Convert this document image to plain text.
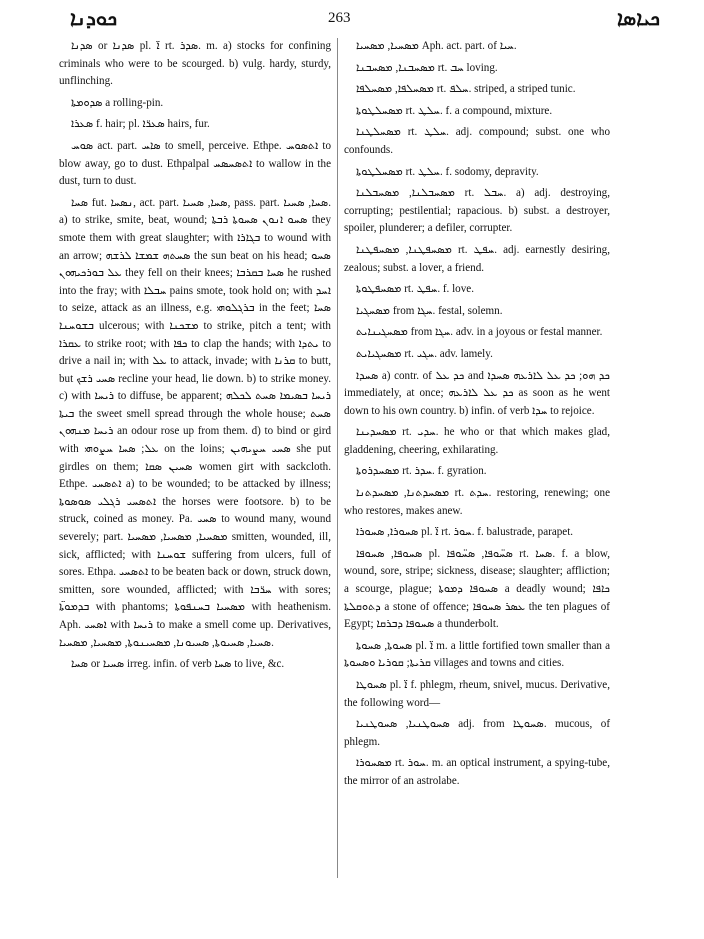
ܟܘܕܢܐ	263	ܟܝܐܣܐ

ܣܕܢܐ or ܣܕܢܐ pl. ܐ̈ rt. ܣܕܪ. m. a) stocks for confining criminals who were to be scourged. b) vulg. hardy, sturdy, unflinching.

ܣܕܘܡܬܐ a rolling-pin.

ܣܥܪܐ f. hair; pl. ܣܥܪ̈ܐ hairs, fur.

ܣܘܚ act. part. ܣܐܚ to smell, perceive. Ethpe. ܐܬܣܘܚ to blow away, go to dust. Ethpalpal ܐܬܣܚܣܚ to wallow in the dust, turn to dust.

ܣܚܐ fut. ܢܣܚܐ, act. part. ܣܚܐ, ܣܚܝܐ, pass. part. ܣܚܐ, ܣܚܝܐ. a) to strike, smite, beat, wound; ܣܚܘ ܐܢܘܢ ܣܚܘܬܐ ܪܒܬܐ they smote them with great slaughter; with ܒܓܐܪܐ to wound with an arrow; ܣܚܬܗ ܫܡܫܐ ܠܪܫܗ the sun beat on his head; ܣܚܘ ܥܠ ܒܘܪܟܝܗܘܢ they fell on their knees; ܣܚܐ ܒܩܪܒܐ he rushed into the fray; with ܚܒܠܐ pains smote, took hold on; with ܐܚܕ to seize, attack as an illness, e.g. ܒܪܓܠܘܗܝ in the feet; ܣܚܐ ܒܫܘܚܢܐ ulcerous; with ܡܫܟܢܐ to strike, pitch a tent; with ܥܩܪܐ to strike root; with ܟܦܐ to clap the hands; with ܝܬܕܐ to drive a nail in; with ܥܠ to attack, invade; with ܩܪܢܐ to butt, but ܣܚܝ ܪܫܟ recline your head, lie down. b) to strike money. c) with ܪܝܚܐ to diffuse, be apparent; ܪܝܚܐ ܒܣܝܡܐ ܣܚܬ ܠܟܠܗ ܒܝܬܐ the sweet smell spread through the whole house; ܣܚܬ ܪܝܚܐ ܡܢܗܘܢ an odour rose up from them. d) to bind or gird with ܥܠ; ܣܚܐ ܚܨܘܗܝ on the loins; ܣܚܝ ܚܨܝܗܝܢ she put girdles on them; ܣܚܝܢ ܣܩܐ women girt with sackcloth. Ethpe. ܐܬܣܚܝ a) to be wounded; to be attacked by illness; ܐܬܣܚܝ ܪܓܠܝ ܣܘܣܘܬܐ the horses were footsore. b) to be struck, coined as money. Pa. ܣܚܝ to wound many, wound severely; part. ܡܣܚܝܐ, ܡܣܚܝܐ, ܡܣܚܝܐ smitten, wounded, ill, sick, afflicted; with ܫܘܚܢܐ suffering from ulcers, full of sores. Ethpa. ܐܬܣܚܝ to be beaten back or down, struck down, smitten, sore wounded, afflicted; with ܚܪ̈ܒܐ with sores; ܒܕܡܘܬ̈ܐ with phantoms; ܡܣܚܝܐ ܒܚܢܦܘܬܐ with heathenism. Aph. ܐܣܚܝ with ܪܝܚܐ to make a smell come up. Derivatives, ܣܚܝܐ, ܣܚܝܘܬܐ, ܣܚܝܘܢܐ, ܡܣܚܝܢܘܬܐ, ܡܣܚܝܐ, ܡܣܚܝܐ.

ܣܚܐ or ܣܚܝܐ irreg. infin. of verb ܣܚܐ to live, &c.

ܡܣܚܝܐ, ܡܣܚܝܐ Aph. act. part. of ܚܝܐ.

ܡܣܚܒܢܐ, ܡܣܚܒܢܐ rt. ܚܒ loving.

ܡܣܚܠܦܐ, ܡܣܚܠܦܐ rt. ܚܠܦ. striped, a striped tunic.

ܡܣܚܠܛܘܬܐ rt. ܚܠܛ. f. a compound, mixture.

ܡܣܚܠܛܢܐ rt. ܚܠܛ. adj. compound; subst. one who confounds.

ܡܣܚܠܛܘܬܐ rt. ܚܠܛ. f. sodomy, depravity.

ܡܣܚܒܠܢܐ, ܡܣܚܒܠܢܐ rt. ܚܒܠ. a) adj. destroying, corrupting; pestilential; rapacious. b) subst. a destroyer, spoiler, plunderer; a defiler, corrupter.

ܡܣܚܦܛܢܐ, ܡܣܚܦܛܢܐ rt. ܚܦܛ. adj. earnestly desiring, zealous; subst. a lover, a friend.

ܡܣܚܦܛܘܬܐ rt. ܚܦܛ. f. love.

ܡܣܚܓܝܐ from ܚܓܐ. festal, solemn.

ܡܣܚܓܝܢܐܝܬ from ܚܓܐ. adv. in a joyous or festal manner.

ܡܣܚܓܝܐܝܬ rt. ܚܓܝ. adv. lamely.

ܣܚܕܐ a) contr. of ܟܕ ܥܠ and ܟܕ ܗܘ; ܟܕ ܥܠ ܠܐܪܥܗ ܣܚܕܐ immediately, at once; ܟܕ ܥܠ ܠܐܪܥܗ as soon as he went down to his own country. b) infin. of verb ܚܕܐ to rejoice.

ܡܣܚܕܝܢܐ rt. ܚܕܝ. he who or that which makes glad, gladdening, cheering, exhilarating.

ܡܣܚܕܪܘܬܐ rt. ܚܕܪ. f. gyration.

ܡܣܚܕܬܢܐ, ܡܣܚܕܬܢܐ rt. ܚܕܬ. restoring, renewing; one who restores, makes anew.

ܣܚܘܪܐ, ܣܚܘܪܐ pl. ܐ̈ rt. ܚܘܪ. f. balustrade, parapet.

ܣܚܘܦܐ, ܣܚܘܦܐ pl. ܣܚ̈ܘܦܐ, ܣܚ̈ܘܦܐ rt. ܣܚܐ. f. a blow, wound, sore, stripe; sickness, disease; slaughter; affliction; a scourge, plague; ܣܚܘܦܐ ܕܡܘܬܐ a deadly wound; ܟܐܦܐ ܕܬܘܩܠܬܐ a stone of offence; ܥܣܪ ܣܚܘܦܐ the ten plagues of Egypt; ܣܚܘܦܐ ܕܒܪܩܐ a thunderbolt.

ܣܚܘܬܐ, ܣܚܘܬܐ pl. ܐ̈ m. a little fortified town smaller than a ܩܪܝܬܐ; ܩܘܪܝܐ ܘܣܚܘܬܐ villages and towns and cities.

ܣܚܘܛܐ pl. ܐ̈ f. phlegm, rheum, snivel, mucus. Derivative, the following word—

ܣܚܘܛܢܝܐ, ܣܚܘܛܢܝܐ adj. from ܣܚܘܛܐ. mucous, of phlegm.

ܡܣܚܘܪܐ rt. ܚܘܪ. m. an optical instrument, a spying-tube, the mirror of an astrolabe.
